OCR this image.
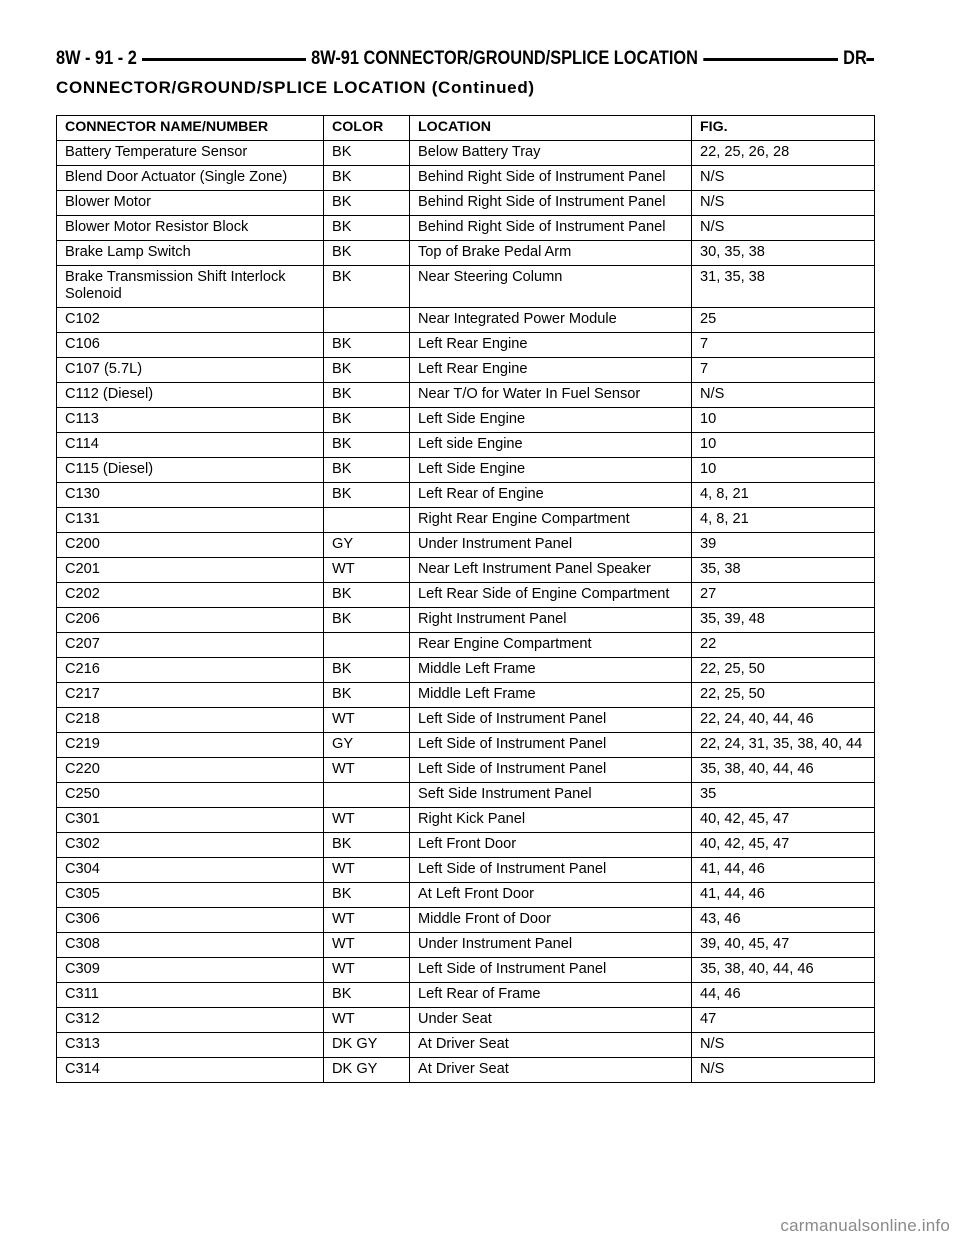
8W - 91 - 2	8W-91 CONNECTOR/GROUND/SPLICE LOCATION	DR
CONNECTOR/GROUND/SPLICE LOCATION (Continued)
CONNECTOR NAME/NUMBER	COLOR	LOCATION	FIG.
Battery Temperature Sensor	BK	Below Battery Tray	22, 25, 26, 28
Blend Door Actuator (Single Zone)	BK	Behind Right Side of Instrument Panel	N/S
Blower Motor	BK	Behind Right Side of Instrument Panel	N/S
Blower Motor Resistor Block	BK	Behind Right Side of Instrument Panel	N/S
Brake Lamp Switch	BK	Top of Brake Pedal Arm	30, 35, 38
Brake Transmission Shift Interlock Solenoid	BK	Near Steering Column	31, 35, 38
C102		Near Integrated Power Module	25
C106	BK	Left Rear Engine	7
C107 (5.7L)	BK	Left Rear Engine	7
C112 (Diesel)	BK	Near T/O for Water In Fuel Sensor	N/S
C113	BK	Left Side Engine	10
C114	BK	Left side Engine	10
C115 (Diesel)	BK	Left Side Engine	10
C130	BK	Left Rear of Engine	4, 8, 21
C131		Right Rear Engine Compartment	4, 8, 21
C200	GY	Under Instrument Panel	39
C201	WT	Near Left Instrument Panel Speaker	35, 38
C202	BK	Left Rear Side of Engine Compartment	27
C206	BK	Right Instrument Panel	35, 39, 48
C207		Rear Engine Compartment	22
C216	BK	Middle Left Frame	22, 25, 50
C217	BK	Middle Left Frame	22, 25, 50
C218	WT	Left Side of Instrument Panel	22, 24, 40, 44, 46
C219	GY	Left Side of Instrument Panel	22, 24, 31, 35, 38, 40, 44
C220	WT	Left Side of Instrument Panel	35, 38, 40, 44, 46
C250		Seft Side Instrument Panel	35
C301	WT	Right Kick Panel	40, 42, 45, 47
C302	BK	Left Front Door	40, 42, 45, 47
C304	WT	Left Side of Instrument Panel	41, 44, 46
C305	BK	At Left Front Door	41, 44, 46
C306	WT	Middle Front of Door	43, 46
C308	WT	Under Instrument Panel	39, 40, 45, 47
C309	WT	Left Side of Instrument Panel	35, 38, 40, 44, 46
C311	BK	Left Rear of Frame	44, 46
C312	WT	Under Seat	47
C313	DK GY	At Driver Seat	N/S
C314	DK GY	At Driver Seat	N/S
carmanualsonline.info
